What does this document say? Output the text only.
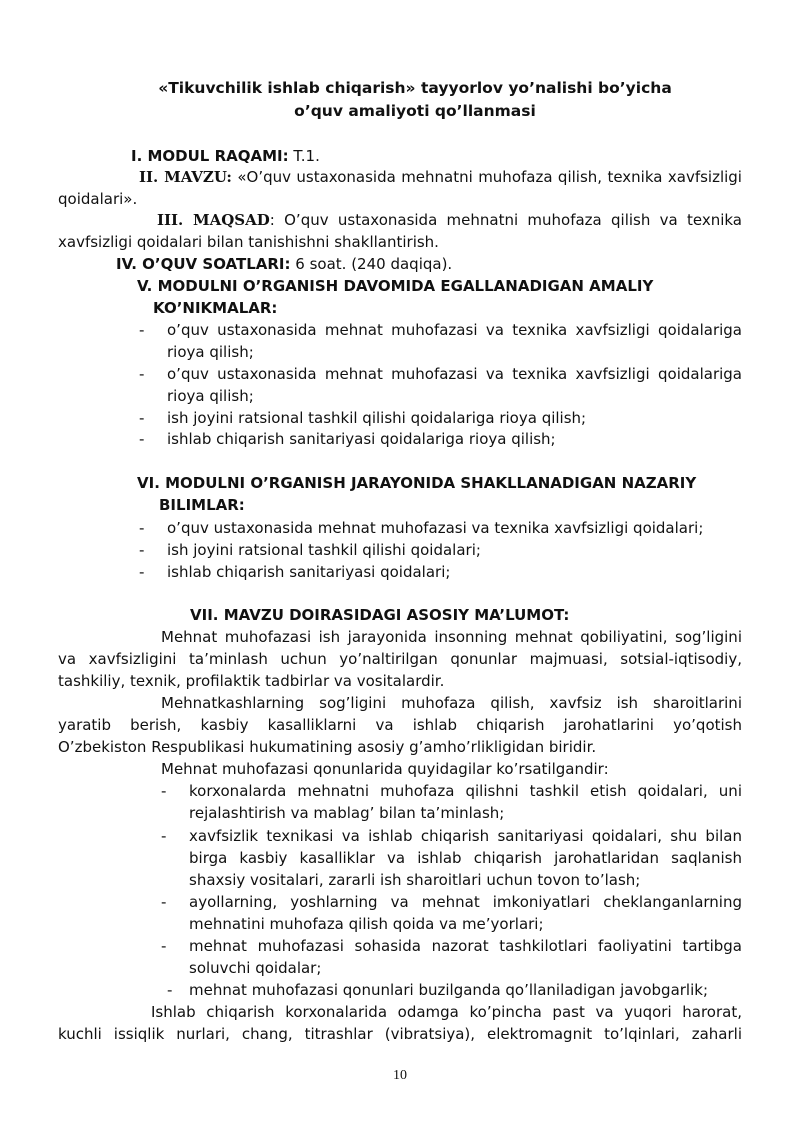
«Tikuvchilik ishlab chiqarish» tayyorlov yo’nalishi bo’yicha
o’quv amaliyoti qo’llanmasi
I. MODUL RAQAMI: T.1.
II. MAVZU: «O’quv ustaxonasida mehnatni muhofaza qilish, texnika xavfsizligi
qoidalari».
III. MAQSAD: O’quv ustaxonasida mehnatni muhofaza qilish va texnika
xavfsizligi qoidalari bilan tanishishni shakllantirish.
IV. O’QUV SOATLARI: 6 soat. (240 daqiqa).
V. MODULNI O’RGANISH DAVOMIDA EGALLANADIGAN AMALIY
KO’NIKMALAR:
- o’quv ustaxonasida mehnat muhofazasi va texnika xavfsizligi qoidalariga
rioya qilish;
- o’quv ustaxonasida mehnat muhofazasi va texnika xavfsizligi qoidalariga
rioya qilish;
- ish joyini ratsional tashkil qilishi qoidalariga rioya qilish;
- ishlab chiqarish sanitariyasi qoidalariga rioya qilish;
VI. MODULNI O’RGANISH JARAYONIDA SHAKLLANADIGAN NAZARIY
BILIMLAR:
- o’quv ustaxonasida mehnat muhofazasi va texnika xavfsizligi qoidalari;
- ish joyini ratsional tashkil qilishi qoidalari;
- ishlab chiqarish sanitariyasi qoidalari;
VII. MAVZU DOIRASIDAGI ASOSIY MA’LUMOT:
Mehnat muhofazasi ish jarayonida insonning mehnat qobiliyatini, sog’ligini
va xavfsizligini ta’minlash uchun yo’naltirilgan qonunlar majmuasi, sotsial-iqtisodiy,
tashkiliy, texnik, profilaktik tadbirlar va vositalardir.
Mehnatkashlarning sog’ligini muhofaza qilish, xavfsiz ish sharoitlarini
yaratib berish, kasbiy kasalliklarni va ishlab chiqarish jarohatlarini yo’qotish
O’zbekiston Respublikasi hukumatining asosiy g’amho’rlikligidan biridir.
Mehnat muhofazasi qonunlarida quyidagilar ko’rsatilgandir:
- korxonalarda mehnatni muhofaza qilishni tashkil etish qoidalari, uni
rejalashtirish va mablag’ bilan ta’minlash;
- xavfsizlik texnikasi va ishlab chiqarish sanitariyasi qoidalari, shu bilan
birga kasbiy kasalliklar va ishlab chiqarish jarohatlaridan saqlanish
shaxsiy vositalari, zararli ish sharoitlari uchun tovon to’lash;
- ayollarning, yoshlarning va mehnat imkoniyatlari cheklanganlarning
mehnatini muhofaza qilish qoida va me’yorlari;
- mehnat muhofazasi sohasida nazorat tashkilotlari faoliyatini tartibga
soluvchi qoidalar;
- mehnat muhofazasi qonunlari buzilganda qo’llaniladigan javobgarlik;
Ishlab chiqarish korxonalarida odamga ko’pincha past va yuqori harorat,
kuchli issiqlik nurlari, chang, titrashlar (vibratsiya), elektromagnit to’lqinlari, zaharli
10
